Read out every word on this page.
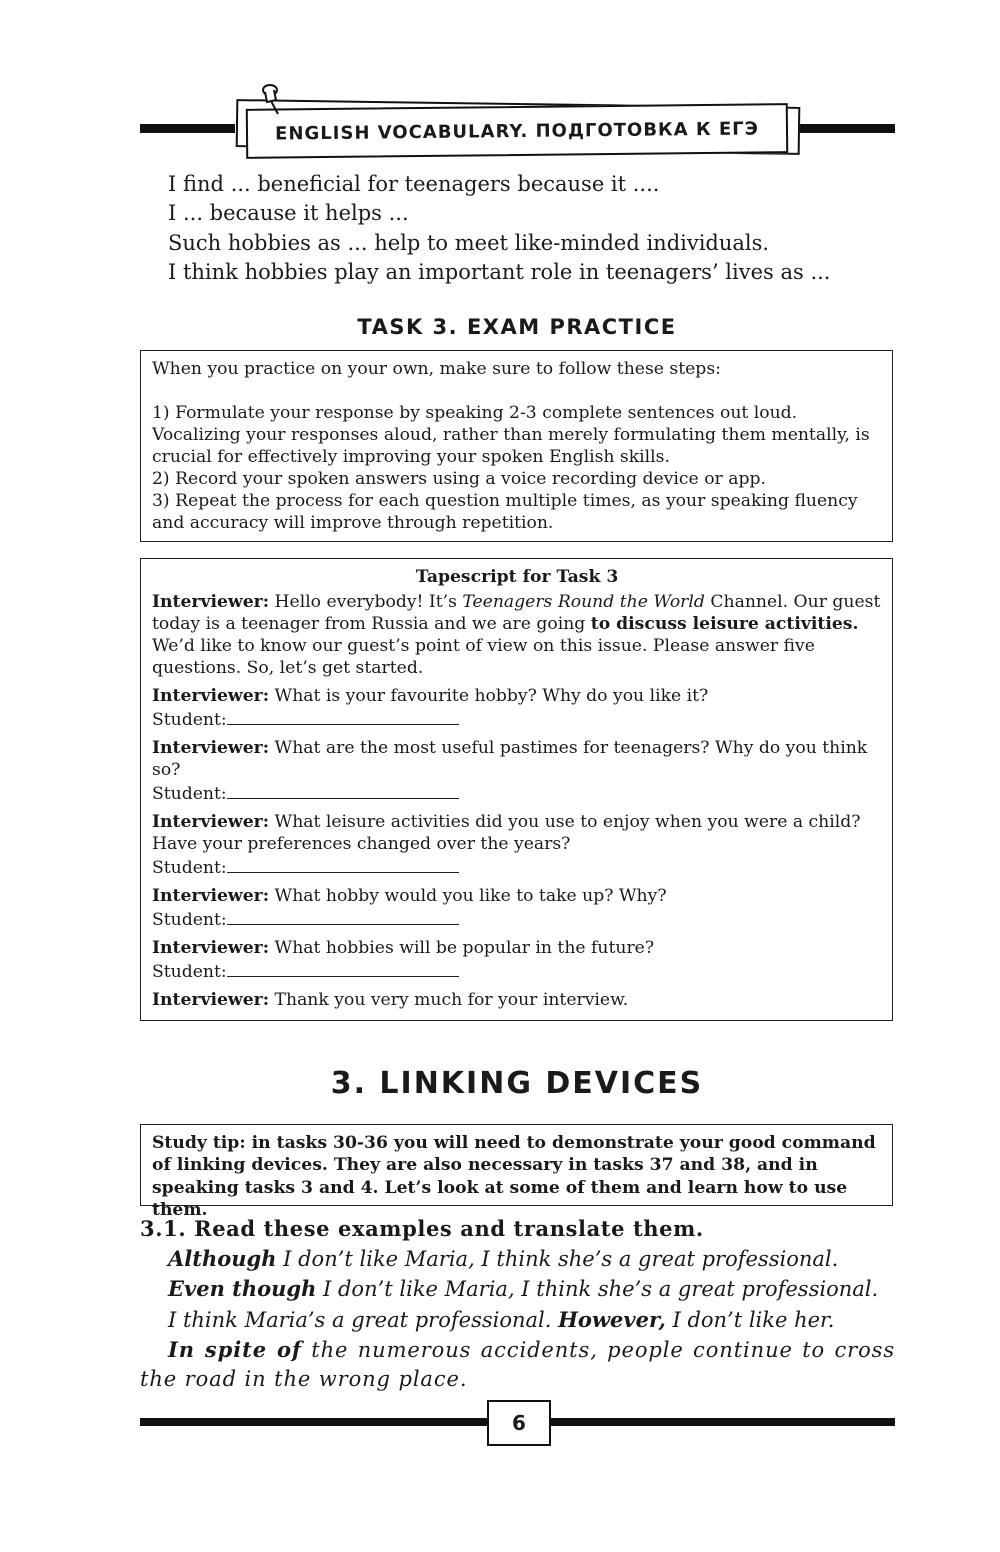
ENGLISH VOCABULARY. ПОДГОТОВКА К ЕГЭ
I find ... beneficial for teenagers because it ....
I ... because it helps ...
Such hobbies as ... help to meet like-minded individuals.
I think hobbies play an important role in teenagers’ lives as ...
TASK 3. EXAM PRACTICE

When you practice on your own, make sure to follow these steps:

1) Formulate your response by speaking 2-3 complete sentences out loud. Vocalizing your responses aloud, rather than merely formulating them mentally, is crucial for effectively improving your spoken English skills.

2) Record your spoken answers using a voice recording device or app.

3) Repeat the process for each question multiple times, as your speaking fluency and accuracy will improve through repetition.

Tapescript for Task 3

Interviewer: Hello everybody! It’s Teenagers Round the World Channel. Our guest today is a teenager from Russia and we are going to discuss leisure activities. We’d like to know our guest’s point of view on this issue. Please answer five questions. So, let’s get started.

Interviewer: What is your favourite hobby? Why do you like it?

Student:

Interviewer: What are the most useful pastimes for teenagers? Why do you think so?

Student:

Interviewer: What leisure activities did you use to enjoy when you were a child? Have your preferences changed over the years?

Student:

Interviewer: What hobby would you like to take up? Why?

Student:

Interviewer: What hobbies will be popular in the future?

Student:

Interviewer: Thank you very much for your interview.

3. LINKING DEVICES
Study tip: in tasks 30-36 you will need to demonstrate your good command of linking devices. They are also necessary in tasks 37 and 38, and in speaking tasks 3 and 4. Let’s look at some of them and learn how to use them.
3.1. Read these examples and translate them.

Although I don’t like Maria, I think she’s a great professional.

Even though I don’t like Maria, I think she’s a great professional.

I think Maria’s a great professional. However, I don’t like her.

In spite of the numerous accidents, people continue to cross the road in the wrong place.

6
